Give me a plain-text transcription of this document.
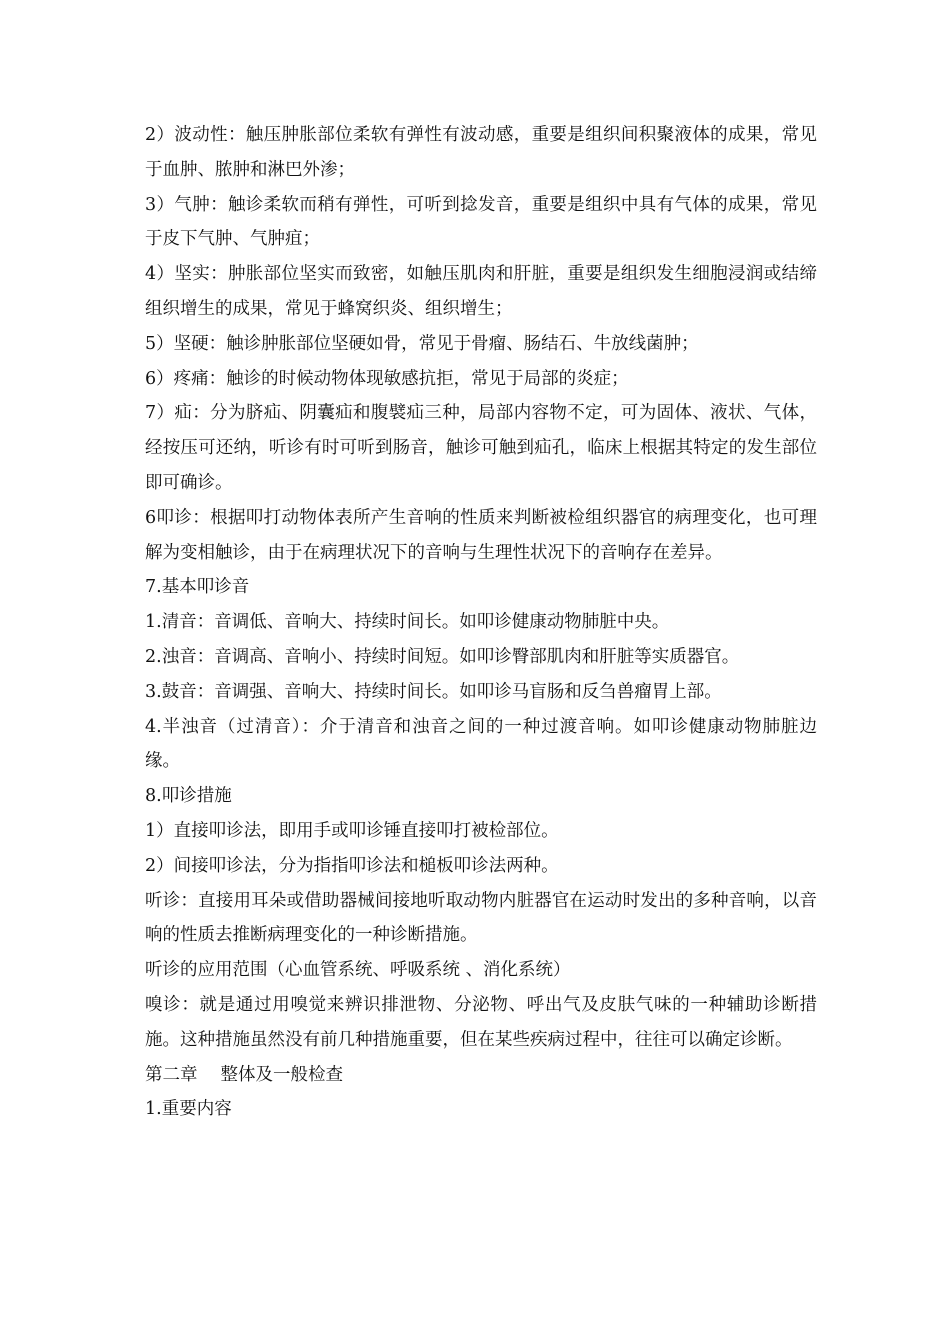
2）波动性：触压肿胀部位柔软有弹性有波动感，重要是组织间积聚液体的成果，常见于血肿、脓肿和淋巴外渗；

3）气肿：触诊柔软而稍有弹性，可听到捻发音，重要是组织中具有气体的成果，常见于皮下气肿、气肿疽；

4）坚实：肿胀部位坚实而致密，如触压肌肉和肝脏，重要是组织发生细胞浸润或结缔组织增生的成果，常见于蜂窝织炎、组织增生；

5）坚硬：触诊肿胀部位坚硬如骨，常见于骨瘤、肠结石、牛放线菌肿；

6）疼痛：触诊的时候动物体现敏感抗拒，常见于局部的炎症；

7）疝：分为脐疝、阴囊疝和腹襞疝三种，局部内容物不定，可为固体、液状、气体，经按压可还纳，听诊有时可听到肠音，触诊可触到疝孔，临床上根据其特定的发生部位即可确诊。

6叩诊：根据叩打动物体表所产生音响的性质来判断被检组织器官的病理变化，也可理解为变相触诊，由于在病理状况下的音响与生理性状况下的音响存在差异。

7.基本叩诊音

1.清音：音调低、音响大、持续时间长。如叩诊健康动物肺脏中央。

2.浊音：音调高、音响小、持续时间短。如叩诊臀部肌肉和肝脏等实质器官。

3.鼓音：音调强、音响大、持续时间长。如叩诊马盲肠和反刍兽瘤胃上部。

4.半浊音（过清音）：介于清音和浊音之间的一种过渡音响。如叩诊健康动物肺脏边缘。

8.叩诊措施

1）直接叩诊法，即用手或叩诊锤直接叩打被检部位。

2）间接叩诊法，分为指指叩诊法和槌板叩诊法两种。

听诊：直接用耳朵或借助器械间接地听取动物内脏器官在运动时发出的多种音响，以音响的性质去推断病理变化的一种诊断措施。

听诊的应用范围（心血管系统、呼吸系统 、消化系统）

嗅诊：就是通过用嗅觉来辨识排泄物、分泌物、呼出气及皮肤气味的一种辅助诊断措施。这种措施虽然没有前几种措施重要，但在某些疾病过程中，往往可以确定诊断。

第二章　 整体及一般检查

1.重要内容
